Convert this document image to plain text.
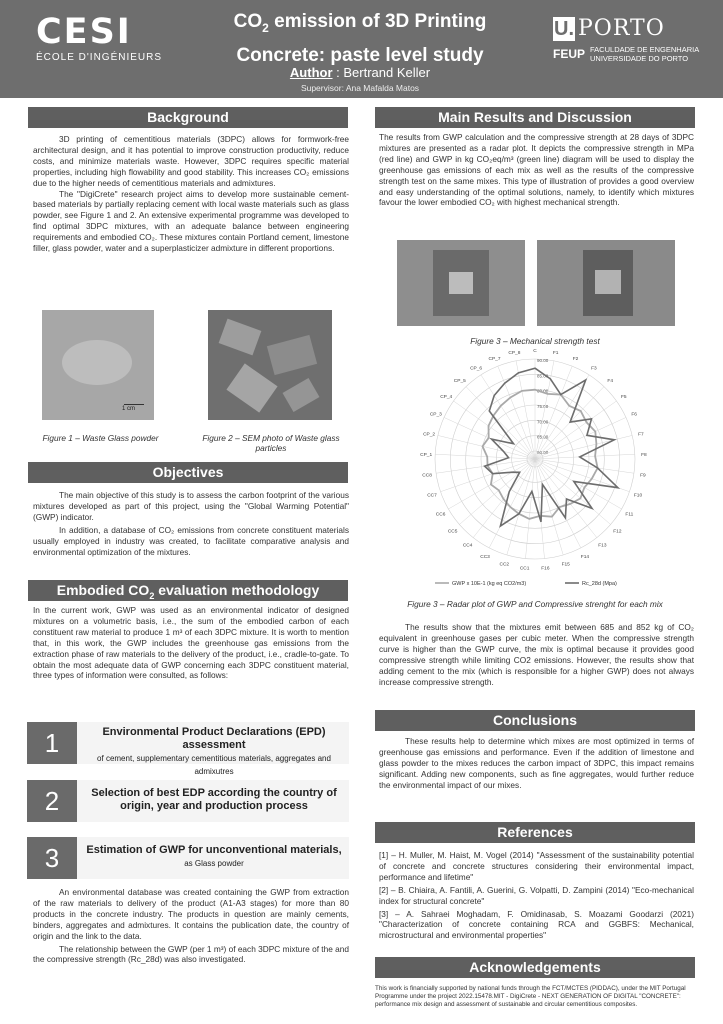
CESI
ÉCOLE D'INGÉNIEURS
$CO_2$ emission of 3D Printing
Concrete: paste level study
Author : Bertrand Keller
Supervisor: Ana Mafalda Matos
U. PORTO
FEUP FACULDADE DE ENGENHARIA
UNIVERSIDADE DO PORTO
Background
3D printing of cementitious materials (3DPC) allows for formwork-free architectural design, and it has potential to improve construction productivity, reduce costs, and minimize materials waste. However, 3DPC requires specific material properties, including high flowability and good stability. This increases CO₂ emissions due to the higher needs of cementitious materials and admixtures.
The "DigiCrete" research project aims to develop more sustainable cement-based materials by partially replacing cement with local waste materials such as glass powder, see Figure 1 and 2. An extensive experimental programme was developed to find optimal 3DPC mixtures, with an adequate balance between engineering requirements and embodied CO₂. These mixtures contain Portland cement, limestone filler, glass powder, water and a superplasticizer admixture in different proportions.
1 cm
Figure 1 – Waste Glass powder	Figure 2 – SEM photo of Waste glass particles
Objectives
The main objective of this study is to assess the carbon footprint of the various mixtures developed as part of this project, using the "Global Warming Potential" (GWP) indicator.
In addition, a database of CO₂ emissions from concrete constituent materials usually employed in industry was created, to facilitate comparative analysis and environmental optimization of the mixtures.
Embodied $CO_2$ evaluation methodology
In the current work, GWP was used as an environmental indicator of designed mixtures on a volumetric basis, i.e., the sum of the embodied carbon of each constituent raw material to produce 1 m³ of each 3DPC mixture. It is worth to mention that, in this work, the GWP includes the greenhouse gas emissions from the extraction phase of raw materials to the delivery of the product, i.e., cradle-to-gate. To obtain the most adequate data of GWP concerning each 3DPC constituent material, three types of information were consulted, as follows:
1	Environmental Product Declarations (EPD) assessment
of cement, supplementary cementitious materials, aggregates and admixutres
2	Selection of best EDP according the country of origin, year and production process
3	Estimation of GWP for unconventional materials, as Glass powder
An environmental database was created containing the GWP from extraction of the raw materials to delivery of the product (A1-A3 stages) for more than 80 products in the concrete industry. The products in question are mainly cements, binders, aggregates and admixtures. It contains the publication date, the country of origin and the link to the data.
The relationship between the GWP (per 1 m³) of each 3DPC mixture of the and the compressive strength (Rc_28d) was also investigated.
Main Results and Discussion
The results from GWP calculation and the compressive strength at 28 days of 3DPC mixtures are presented as a radar plot. It depicts the compressive strength in MPa (red line) and GWP in kg CO₂eq/m³ (green line) diagram will be used to display the greenhouse gas emissions of each mix as well as the results of the compressive strength test on the same mixes. This type of illustration of provides a good overview and easy understanding of the optimal solutions, namely, to identify which mixtures favour the lower embodied CO₂ with highest mechanical strength.
Figure 3 – Mechanical strength test
60.00
65.00
70.00
75.00
80.00
85.00
90.00
C	F1
F2
F3
F4
F5
F6
F7
F8
F9
F10
F11
F12
F13
F14
F15
F16
CC1
CC2
CC3
CC4
CC5
CC6
CC7
CC8
CP_1
CP_2
CP_3
CP_4
CP_5
CP_6
CP_7
CP_8
GWP x 10E-1 (kg eq CO2/m3)	Rc_28d (Mpa)
Figure 3 – Radar plot of GWP and Compressive strenght for each mix
The results show that the mixtures emit between 685 and 852 kg of CO₂ equivalent in greenhouse gases per cubic meter. When the compressive strength curve is higher than the GWP curve, the mix is optimal because it provides good compressive strength while limiting CO2 emissions. However, the results show that adding cement to the mix (which is responsible for a higher GWP) does not always increase compressive strength.
Conclusions
These results help to determine which mixes are most optimized in terms of greenhouse gas emissions and performance. Even if the addition of limestone and glass powder to the mixes reduces the carbon impact of 3DPC, this impact remains significant. Adding new components, such as fine aggregates, would further reduce the environmental impact of our mixes.
References

[1] – H. Muller, M. Haist, M. Vogel (2014) "Assessment of the sustainability potential of concrete and concrete structures considering their environmental impact, performance and lifetime"

[2] – B. Chiaira, A. Fantili, A. Guerini, G. Volpatti, D. Zampini (2014) "Eco-mechanical index for structural concrete"

[3] – A. Sahraei Moghadam, F. Omidinasab, S. Moazami Goodarzi (2021) "Characterization of concrete containing RCA and GGBFS: Mechanical, microstructural and environmental properties"

Acknowledgements
This work is financially supported by national funds through the FCT/MCTES (PIDDAC), under the MIT Portugal Programme under the project 2022.15478.MIT - DigiCrete - NEXT GENERATION OF DIGITAL "CONCRETE": performance mix design and assessment of sustainable and circular cementitious composites.
